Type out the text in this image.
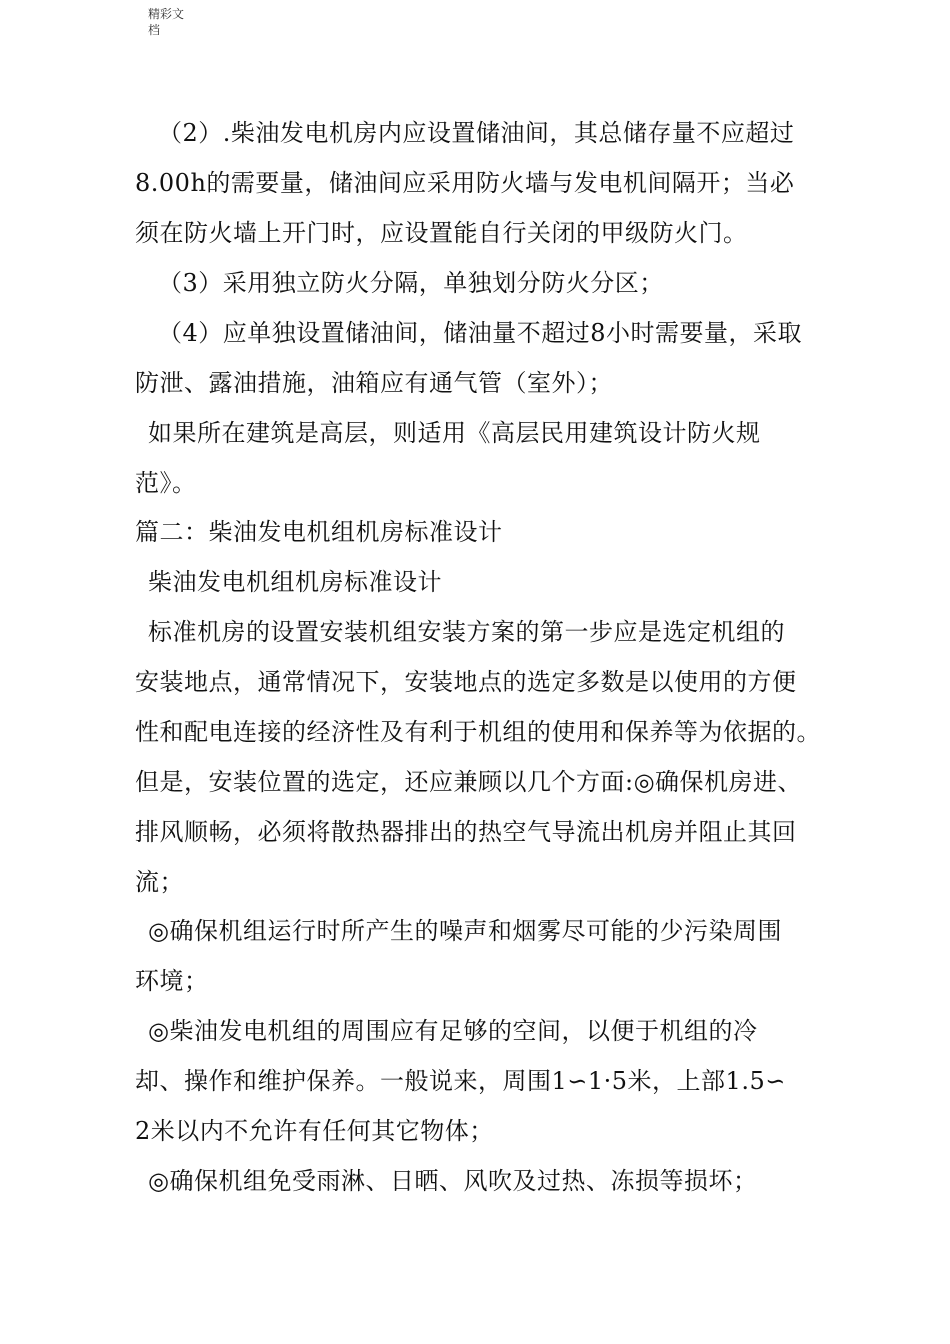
精彩文
档
（2）.柴油发电机房内应设置储油间，其总储存量不应超过
8.00h的需要量，储油间应采用防火墙与发电机间隔开；当必
须在防火墙上开门时，应设置能自行关闭的甲级防火门。
（3）采用独立防火分隔，单独划分防火分区；
（4）应单独设置储油间，储油量不超过8小时需要量，采取
防泄、露油措施，油箱应有通气管（室外）；
如果所在建筑是高层，则适用《高层民用建筑设计防火规
范》。
篇二：柴油发电机组机房标准设计
柴油发电机组机房标准设计
标准机房的设置安装机组安装方案的第一步应是选定机组的
安装地点，通常情况下，安装地点的选定多数是以使用的方便
性和配电连接的经济性及有利于机组的使用和保养等为依据的。
但是，安装位置的选定，还应兼顾以几个方面:◎确保机房进、
排风顺畅，必须将散热器排出的热空气导流出机房并阻止其回
流；
◎确保机组运行时所产生的噪声和烟雾尽可能的少污染周围
环境；
◎柴油发电机组的周围应有足够的空间，以便于机组的冷
却、操作和维护保养。一般说来，周围1∽1·5米，上部1.5∽
2米以内不允许有任何其它物体；
◎确保机组免受雨淋、日晒、风吹及过热、冻损等损坏；
